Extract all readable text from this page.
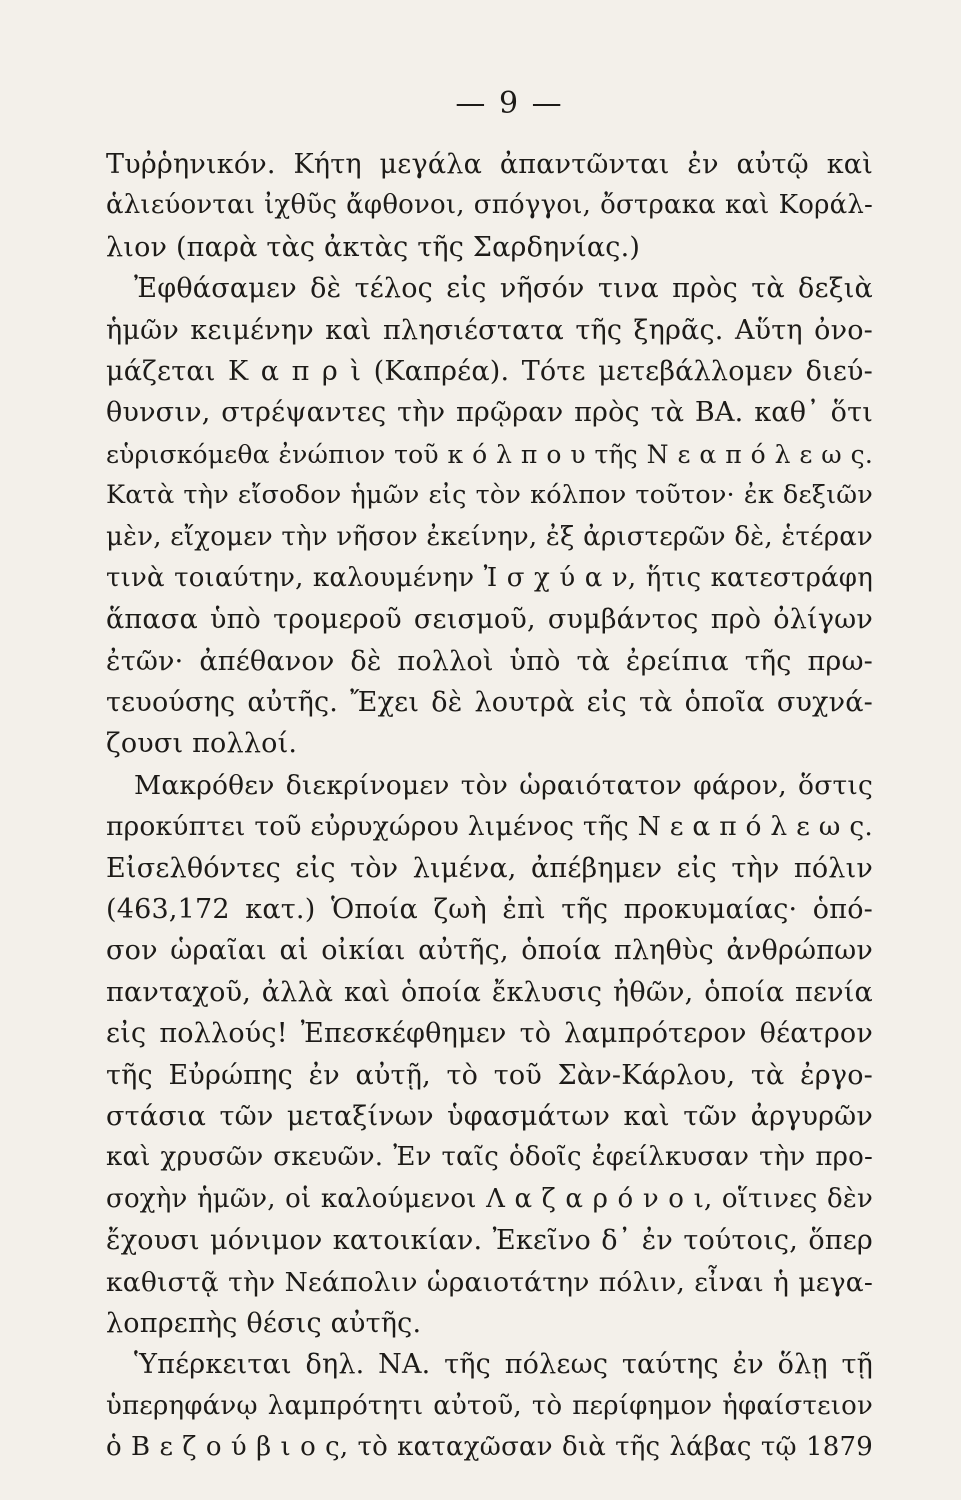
— 9 —
Τυῤῥηνικόν. Κήτη μεγάλα ἀπαντῶνται ἐν αὐτῷ καὶ
ἁλιεύονται ἰχθῦς ἄφθονοι, σπόγγοι, ὄστρακα καὶ Κοράλ-
λιον (παρὰ τὰς ἀκτὰς τῆς Σαρδηνίας.)
Ἐφθάσαμεν δὲ τέλος εἰς νῆσόν τινα πρὸς τὰ δεξιὰ
ἡμῶν κειμένην καὶ πλησιέστατα τῆς ξηρᾶς. Αὕτη ὀνο-
μάζεται Κ α π ρ ὶ (Καπρέα). Τότε μετεβάλλομεν διεύ-
θυνσιν, στρέψαντες τὴν πρῷραν πρὸς τὰ ΒΑ. καθ᾽ ὅτι
εὑρισκόμεθα ἐνώπιον τοῦ κ ό λ π ο υ τῆς Ν ε α π ό λ ε ω ς.
Κατὰ τὴν εἴσοδον ἡμῶν εἰς τὸν κόλπον τοῦτον· ἐκ δεξιῶν
μὲν, εἴχομεν τὴν νῆσον ἐκείνην, ἐξ ἀριστερῶν δὲ, ἑτέραν
τινὰ τοιαύτην, καλουμένην Ἰ σ χ ύ α ν, ἥτις κατεστράφη
ἅπασα ὑπὸ τρομεροῦ σεισμοῦ, συμβάντος πρὸ ὀλίγων
ἐτῶν· ἀπέθανον δὲ πολλοὶ ὑπὸ τὰ ἐρείπια τῆς πρω-
τευούσης αὐτῆς. Ἔχει δὲ λουτρὰ εἰς τὰ ὁποῖα συχνά-
ζουσι πολλοί.
Μακρόθεν διεκρίνομεν τὸν ὡραιότατον φάρον, ὅστις
προκύπτει τοῦ εὐρυχώρου λιμένος τῆς Ν ε α π ό λ ε ω ς.
Εἰσελθόντες εἰς τὸν λιμένα, ἀπέβημεν εἰς τὴν πόλιν
(463,172 κατ.) Ὁποία ζωὴ ἐπὶ τῆς προκυμαίας· ὁπό-
σον ὡραῖαι αἱ οἰκίαι αὐτῆς, ὁποία πληθὺς ἀνθρώπων
πανταχοῦ, ἀλλὰ καὶ ὁποία ἔκλυσις ἠθῶν, ὁποία πενία
εἰς πολλούς! Ἐπεσκέφθημεν τὸ λαμπρότερον θέατρον
τῆς Εὐρώπης ἐν αὐτῇ, τὸ τοῦ Σὰν-Κάρλου, τὰ ἐργο-
στάσια τῶν μεταξίνων ὑφασμάτων καὶ τῶν ἀργυρῶν
καὶ χρυσῶν σκευῶν. Ἐν ταῖς ὁδοῖς ἐφείλκυσαν τὴν προ-
σοχὴν ἡμῶν, οἱ καλούμενοι Λ α ζ α ρ ό ν ο ι, οἵτινες δὲν
ἔχουσι μόνιμον κατοικίαν. Ἐκεῖνο δ᾽ ἐν τούτοις, ὅπερ
καθιστᾷ τὴν Νεάπολιν ὡραιοτάτην πόλιν, εἶναι ἡ μεγα-
λοπρεπὴς θέσις αὐτῆς.
Ὑπέρκειται δηλ. ΝΑ. τῆς πόλεως ταύτης ἐν ὅλῃ τῇ
ὑπερηφάνῳ λαμπρότητι αὐτοῦ, τὸ περίφημον ἡφαίστειον
ὁ Β ε ζ ο ύ β ι ο ς, τὸ καταχῶσαν διὰ τῆς λάβας τῷ 1879
